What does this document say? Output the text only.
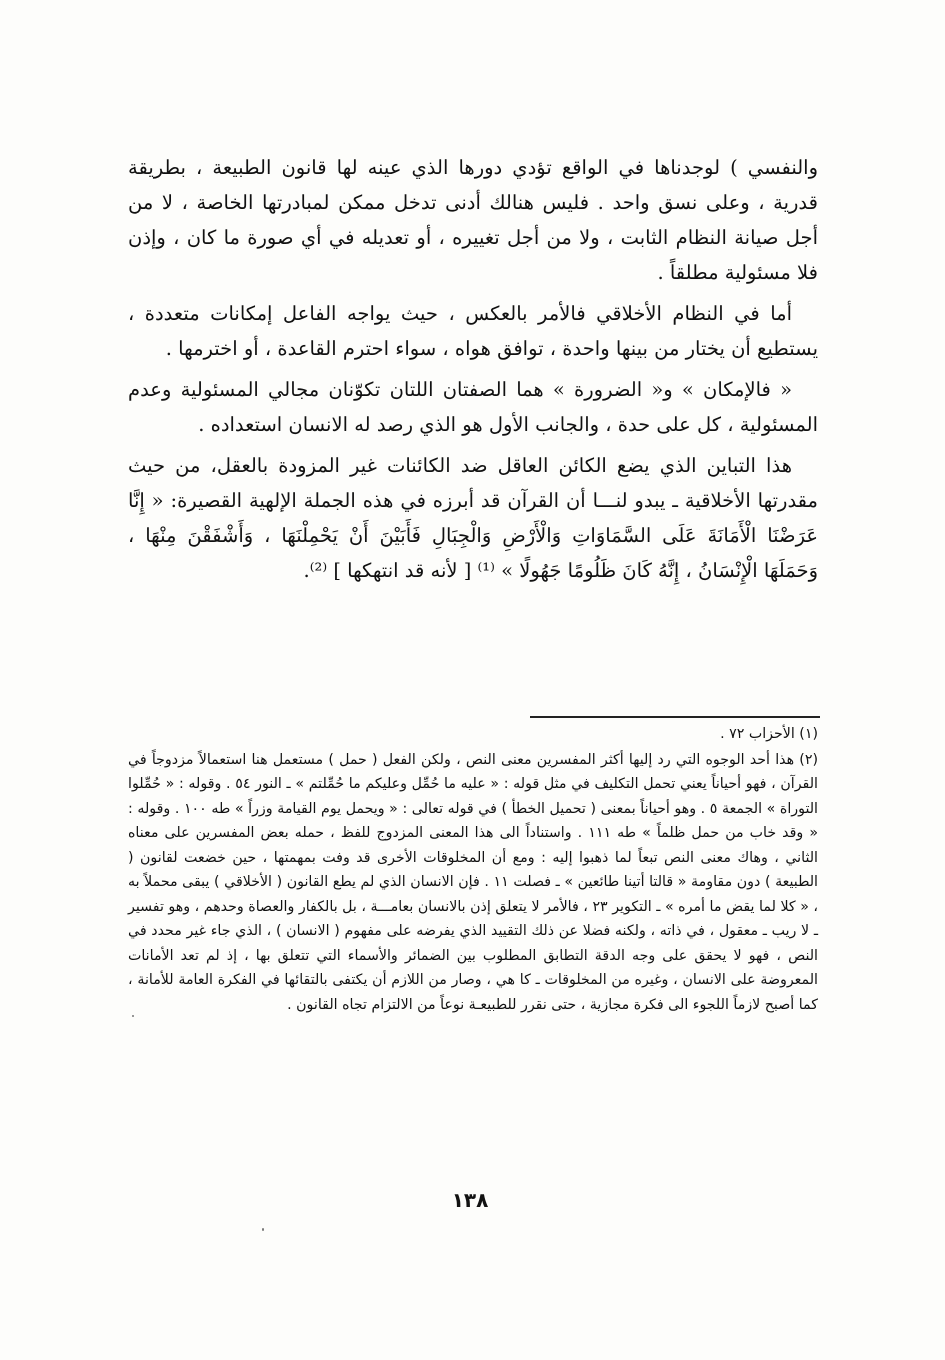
والنفسي ) لوجدناها في الواقع تؤدي دورها الذي عينه لها قانون الطبيعة ، بطريقة قدرية ، وعلى نسق واحد . فليس هنالك أدنى تدخل ممكن لمبادرتها الخاصة ، لا من أجل صيانة النظام الثابت ، ولا من أجل تغييره ، أو تعديله في أي صورة ما كان ، وإذن فلا مسئولية مطلقاً .

أما في النظام الأخلاقي فالأمر بالعكس ، حيث يواجه الفاعل إمكانات متعددة ، يستطيع أن يختار من بينها واحدة ، توافق هواه ، سواء احترم القاعدة ، أو اخترمها .

« فالإمكان » و« الضرورة » هما الصفتان اللتان تكوّنان مجالي المسئولية وعدم المسئولية ، كل على حدة ، والجانب الأول هو الذي رصد له الانسان استعداده .

هذا التباين الذي يضع الكائن العاقل ضد الكائنات غير المزودة بالعقل، من حيث مقدرتها الأخلاقية ـ يبدو لنـــا أن القرآن قد أبرزه في هذه الجملة الإلهية القصيرة: « إِنَّا عَرَضْنَا الْأَمَانَةَ عَلَى السَّمَاوَاتِ وَالْأَرْضِ وَالْجِبَالِ فَأَبَيْنَ أَنْ يَحْمِلْنَهَا ، وَأَشْفَقْنَ مِنْهَا ، وَحَمَلَهَا الْإِنْسَانُ ، إِنَّهُ كَانَ ظَلُومًا جَهُولًا » ⁽¹⁾ [ لأنه قد انتهكها ] ⁽²⁾.

(١) الأحزاب ٧٢ .

(٢) هذا أحد الوجوه التي رد إليها أكثر المفسرين معنى النص ، ولكن الفعل ( حمل ) مستعمل هنا استعمالاً مزدوجاً في القرآن ، فهو أحياناً يعني تحمل التكليف في مثل قوله : « عليه ما حُمِّل وعليكم ما حُمِّلتم » ـ النور ٥٤ . وقوله : « حُمِّلوا التوراة » الجمعة ٥ . وهو أحياناً بمعنى ( تحميل الخطأ ) في قوله تعالى : « ويحمل يوم القيامة وزراً » طه ١٠٠ . وقوله : « وقد خاب من حمل ظلماً » طه ١١١ . واستناداً الى هذا المعنى المزدوج للفظ ، حمله بعض المفسرين على معناه الثاني ، وهاك معنى النص تبعاً لما ذهبوا إليه : ومع أن المخلوقات الأخرى قد وفت بمهمتها ، حين خضعت لقانون ( الطبيعة ) دون مقاومة « قالتا أتينا طائعين » ـ فصلت ١١ . فإن الانسان الذي لم يطع القانون ( الأخلاقي ) يبقى محملاً به ، « كلا لما يقض ما أمره » ـ التكوير ٢٣ ، فالأمر لا يتعلق إذن بالانسان بعامـــة ، بل بالكفار والعصاة وحدهم ، وهو تفسير ـ لا ريب ـ معقول ، في ذاته ، ولكنه فضلا عن ذلك التقييد الذي يفرضه على مفهوم ( الانسان ) ، الذي جاء غير محدد في النص ، فهو لا يحقق على وجه الدقة التطابق المطلوب بين الضمائر والأسماء التي تتعلق بها ، إذ لم تعد الأمانات المعروضة على الانسان ، وغيره من المخلوقات ـ كا هي ، وصار من اللازم أن يكتفى بالتقائها في الفكرة العامة للأمانة ، كما أصبح لازماً اللجوء الى فكرة مجازية ، حتى نقرر للطبيعـة نوعاً من الالتزام تجاه القانون .

١٣٨
